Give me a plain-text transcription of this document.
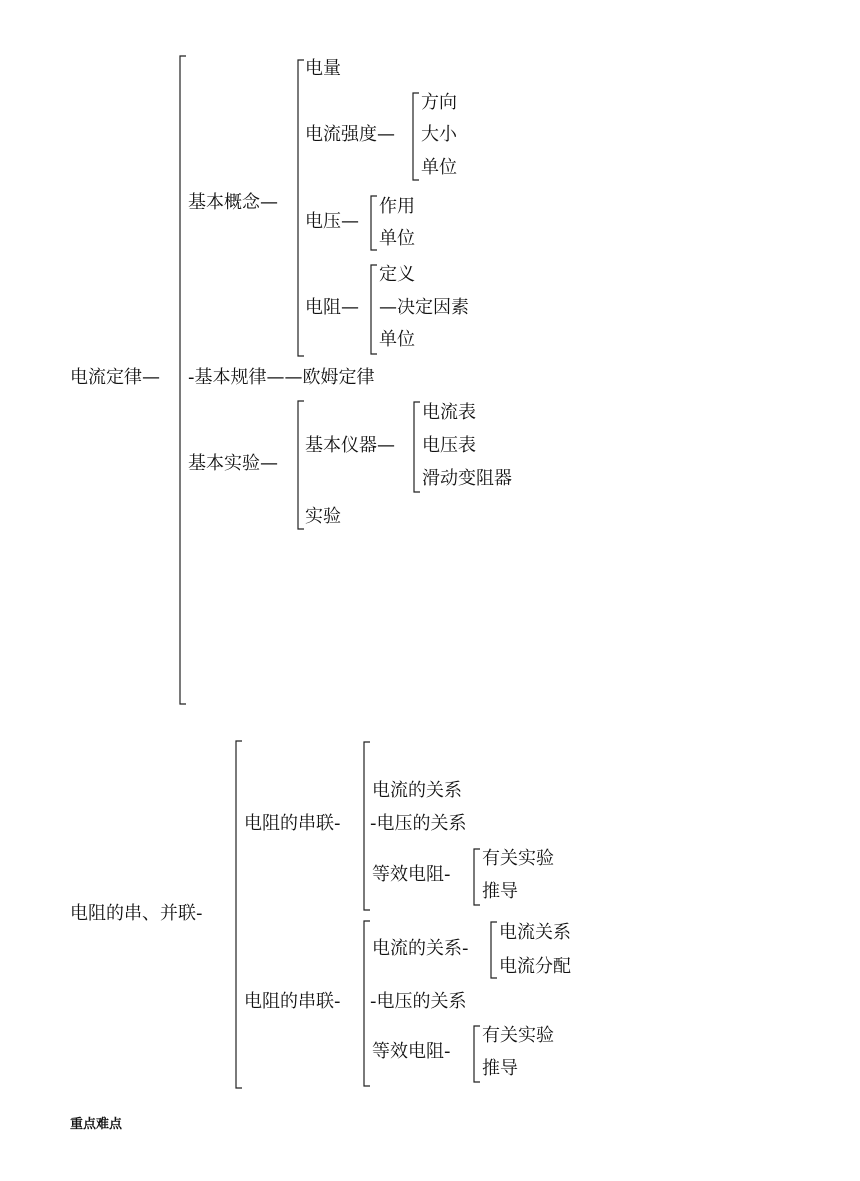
电流定律—
基本概念—
电量
电流强度—
方向
大小
单位
电压—
作用
单位
电阻—
定义
—决定因素
单位
-基本规律——欧姆定律
基本实验—
基本仪器—
电流表
电压表
滑动变阻器
实验
电阻的串、并联-
电阻的串联-
电流的关系
-电压的关系
等效电阻-
有关实验
推导
电阻的串联-
电流的关系-
电流关系
电流分配
-电压的关系
等效电阻-
有关实验
推导
重点难点
